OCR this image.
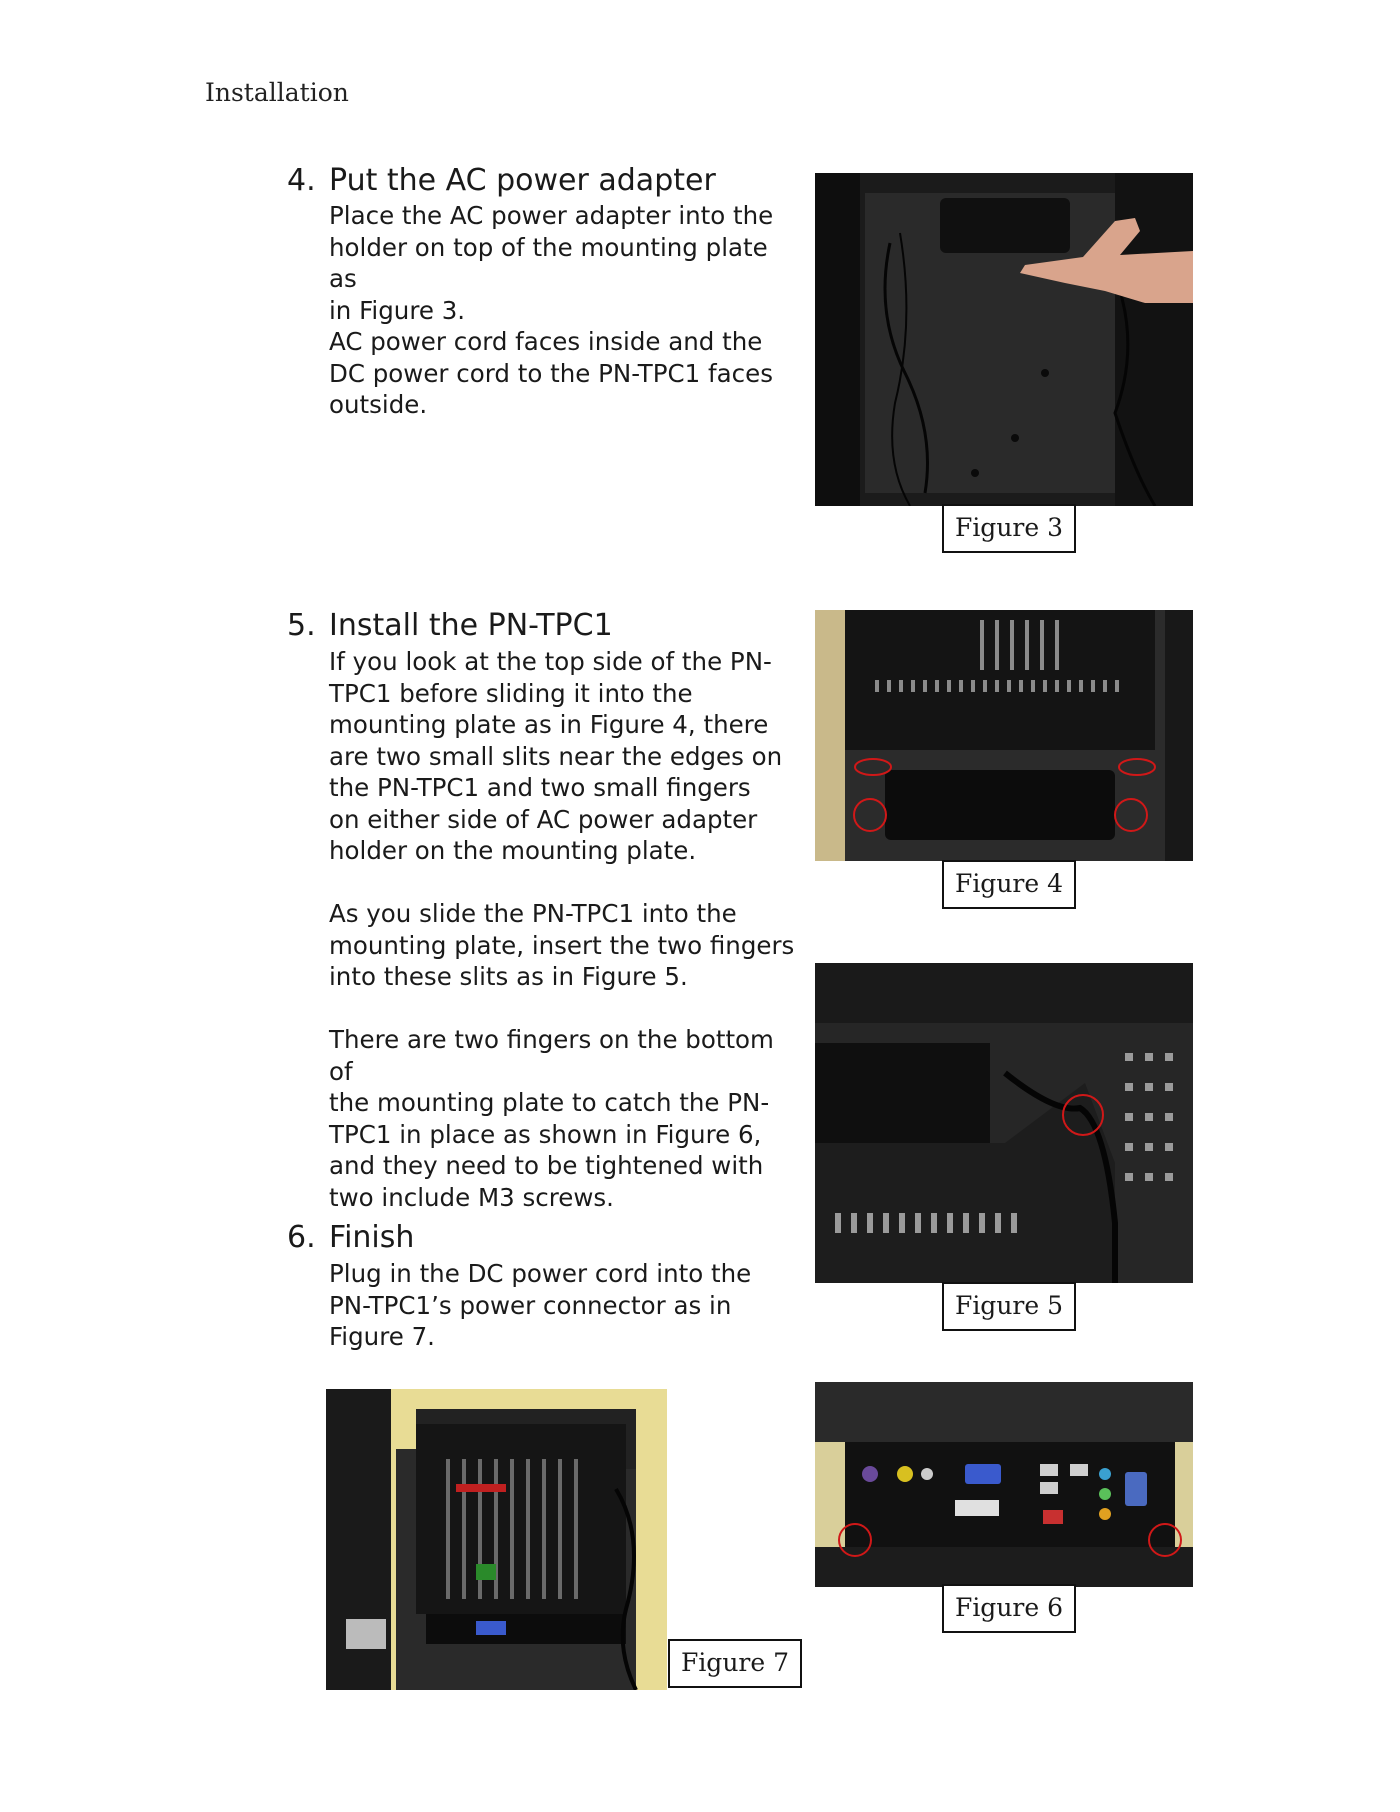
Installation
4. Put the AC power adapter

Place the AC power adapter into the
holder on top of the mounting plate as
in Figure 3.
AC power cord faces inside and the
DC power cord to the PN-TPC1 faces
outside.

Figure 3
5. Install the PN-TPC1

If you look at the top side of the PN-
TPC1 before sliding it into the
mounting plate as in Figure 4, there
are two small slits near the edges on
the PN-TPC1 and two small fingers
on either side of AC power adapter
holder on the mounting plate.

As you slide the PN-TPC1 into the
mounting plate, insert the two fingers
into these slits as in Figure 5.

There are two fingers on the bottom of
the mounting plate to catch the PN-
TPC1 in place as shown in Figure 6,
and they need to be tightened with
two include M3 screws.

Figure 4
Figure 5
6. Finish

Plug in the DC power cord into the
PN-TPC1’s power connector as in
Figure 7.

Figure 6
Figure 7
